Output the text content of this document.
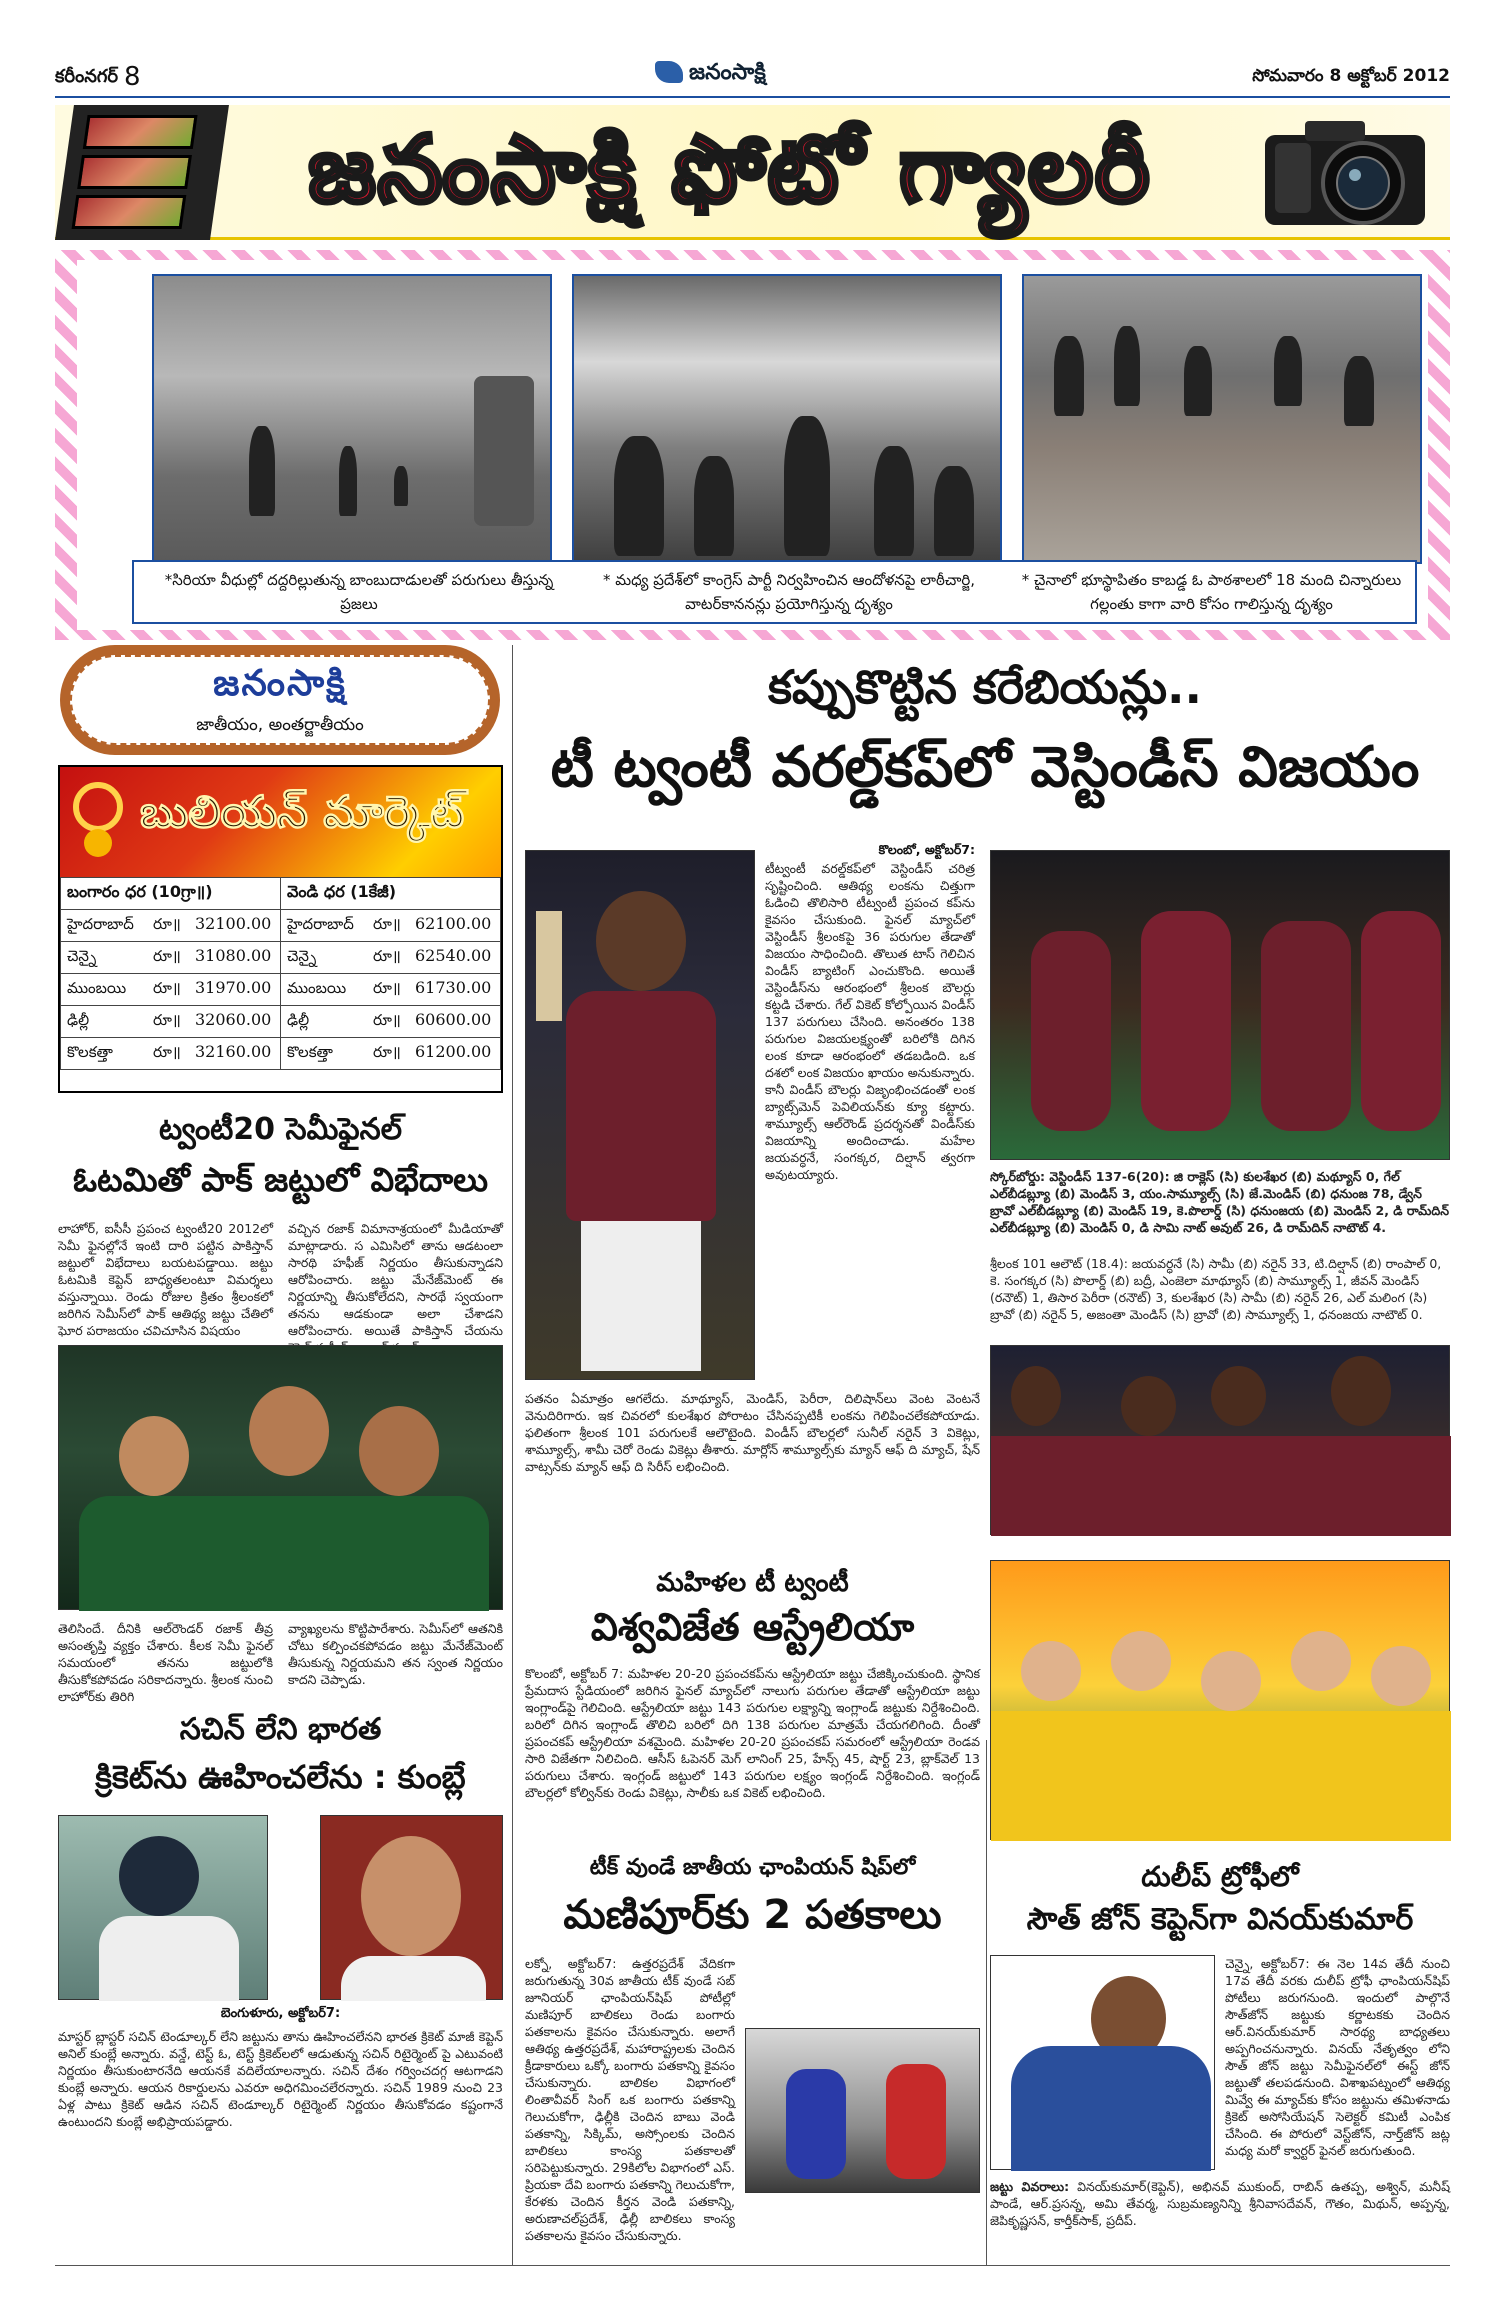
కరీంనగర్ 8	జనంసాక్షి	సోమవారం 8 అక్టోబర్ 2012
జనంసాక్షి ఫోటో గ్యాలరీ
*సిరియా వీధుల్లో దద్దరిల్లుతున్న బాంబుదాడులతో పరుగులు తీస్తున్న ప్రజలు
* మధ్య ప్రదేశ్‌లో కాంగ్రెస్ పార్టీ నిర్వహించిన ఆందోళనపై లాఠీచార్జి, వాటర్‌కాననన్లు ప్రయోగిస్తున్న దృశ్యం
* చైనాలో భూస్థాపితం కాబడ్డ ఓ పాఠశాలలో 18 మంది చిన్నారులు గల్లంతు కాగా వారి కోసం గాలిస్తున్న దృశ్యం
జనంసాక్షి
జాతీయం, అంతర్జాతీయం
బులియన్ మార్కెట్
బంగారం ధర (10గ్రా॥)	వెండి ధర (1కేజీ)
హైదరాబాద్ రూ॥ 32100.00	హైదరాబాద్ రూ॥ 62100.00
చెన్నై రూ॥ 31080.00	చెన్నై రూ॥ 62540.00
ముంబయి రూ॥ 31970.00	ముంబయి రూ॥ 61730.00
ఢిల్లీ రూ॥ 32060.00	ఢిల్లీ రూ॥ 60600.00
కొలకత్తా రూ॥ 32160.00	కొలకత్తా రూ॥ 61200.00
ట్వంటీ20 సెమీఫైనల్
ఓటమితో పాక్ జట్టులో విభేదాలు
లాహోర్, ఐసీసీ ప్రపంచ ట్వంటీ20 2012లో సెమీ ఫైనల్లోనే ఇంటి దారి పట్టిన పాకిస్తాన్ జట్టులో విభేదాలు బయటపడ్డాయి. జట్టు ఓటమికి కెప్టెన్ బాధ్యతలంటూ విమర్శలు వస్తున్నాయి. రెండు రోజుల క్రితం శ్రీలంకలో జరిగిన సెమీస్‌లో పాక్ ఆతిథ్య జట్టు చేతిలో ఘోర పరాజయం చవిచూసిన విషయం
వచ్చిన రజాక్ విమానాశ్రయంలో మీడియాతో మాట్లాడారు. స ఎమిసిలో తాను ఆడటంలా సారథి హఫీజ్ నిర్ణయం తీసుకున్నాడని ఆరోపించారు. జట్టు మేనేజ్‌మెంట్ ఈ నిర్ణయాన్ని తీసుకోలేదని, సారథే స్వయంగా తనను ఆడకుండా అలా చేశాడని ఆరోపించారు. అయితే పాకిస్తాన్ చేయను
తెలిసిందే. దీనికి ఆల్‌రౌండర్ రజాక్ తీవ్ర అసంతృప్తి వ్యక్తం చేశారు. కీలక సెమీ ఫైనల్ సమయంలో తనను జట్టులోకి తీసుకోకపోవడం సరికాదన్నారు. శ్రీలంక నుంచి లాహోర్‌కు తిరిగి
వ్యాఖ్యలను కొట్టిపారేశారు. సెమీస్‌లో ఆతనికి చోటు కల్పించకపోవడం జట్టు మేనేజ్‌మెంట్ తీసుకున్న నిర్ణయమని తన స్వంత నిర్ణయం కాదని చెప్పాడు.
సచిన్ లేని భారత
క్రికెట్‌ను ఊహించలేను : కుంబ్లే
బెంగుళూరు, అక్టోబర్7:
మాస్టర్ బ్లాస్టర్ సచిన్ టెండూల్కర్ లేని జట్టును తాను ఊహించలేనని భారత క్రికెట్ మాజీ కెప్టెన్ అనిల్ కుంబ్లే అన్నారు. వన్డే, టెస్ట్ ఓ, టెస్ట్ క్రికెట్‌లలో ఆడుతున్న సచిన్ రిటైర్మెంట్ పై ఎటువంటి నిర్ణయం తీసుకుంటారనేది ఆయనకే వదిలేయాలన్నారు. సచిన్ దేశం గర్వించదగ్గ ఆటగాడని కుంబ్లే అన్నారు. ఆయన రికార్డులను ఎవరూ అధిగమించలేరన్నారు. సచిన్ 1989 నుంచి 23 ఏళ్ల పాటు క్రికెట్ ఆడిన సచిన్ టెండూల్కర్ రిటైర్మెంట్ నిర్ణయం తీసుకోవడం కష్టంగానే ఉంటుందని కుంబ్లే అభిప్రాయపడ్డారు.
కప్పుకొట్టిన కరేబియన్లు..
టీ ట్వంటీ వరల్డ్‌కప్‌లో వెస్టిండీస్ విజయం
కొలంబో, అక్టోబర్7:
టీట్వంటీ వరల్డ్‌కప్‌లో వెస్టిండీస్ చరిత్ర సృష్టించింది. ఆతిథ్య లంకను చిత్తుగా ఓడించి తొలిసారి టీట్వంటీ ప్రపంచ కప్‌ను కైవసం చేసుకుంది. ఫైనల్ మ్యాచ్‌లో వెస్టిండీస్ శ్రీలంకపై 36 పరుగుల తేడాతో విజయం సాధించింది. తొలుత టాస్ గెలిచిన విండీస్ బ్యాటింగ్ ఎంచుకొంది. అయితే వెస్టిండీస్‌ను ఆరంభంలో శ్రీలంక బౌలర్లు కట్టడి చేశారు. గేల్ వికెట్ కోల్పోయిన విండీస్ 137 పరుగులు చేసింది. అనంతరం 138 పరుగుల విజయలక్ష్యంతో బరిలోకి దిగిన లంక కూడా ఆరంభంలో తడబడింది. ఒక దశలో లంక విజయం ఖాయం అనుకున్నారు. కానీ విండీస్ బౌలర్లు విజృంభించడంతో లంక బ్యాట్స్‌మెన్ పెవిలియన్‌కు క్యూ కట్టారు. శామ్యూల్స్ ఆల్‌రౌండ్ ప్రదర్శనతో విండీస్‌కు విజయాన్ని అందించాడు. మహేల జయవర్ధనే, సంగక్కర, దిల్షాన్ త్వరగా అవుటయ్యారు.	స్కోర్‌బోర్డు: వెస్టిండీస్ 137-6(20): జి రాక్లెస్ (సి) కులశేఖర (బి) మథ్యూస్ 0, గేల్ ఎల్‌బీడబ్ల్యూ (బి) మెండిస్ 3, యం.సామ్యూల్స్ (సి) జే.మెండిస్ (బి) ధనుంజ 78, డ్వేన్ బ్రావో ఎల్‌బీడబ్ల్యూ (బి) మెండిస్ 19, కె.పొలార్డ్ (సి) ధనుంజయ (బి) మెండిస్ 2, డి రామ్‌దిన్ ఎల్‌బీడబ్ల్యూ (బి) మెండిస్ 0, డి సామి నాట్ అవుట్ 26, డి రామ్‌దిన్ నాటౌట్ 4.
శ్రీలంక 101 ఆలౌట్ (18.4): జయవర్ధనే (సి) సామీ (బి) నరైన్ 33, టి.దిల్షాన్ (బి) రాంపాల్ 0, కె. సంగక్కర (సి) పొలార్డ్ (బి) బద్రీ, ఎంజెలా మాథ్యూస్ (బి) సామ్యూల్స్ 1, జీవన్ మెండిస్ (రనౌట్) 1, తిసార పెరీరా (రనౌట్) 3, కులశేఖర (సి) సామీ (బి) నరైన్ 26, ఎల్ మలింగ (సి) బ్రావో (బి) నరైన్ 5, అజంతా మెండిస్ (సి) బ్రావో (బి) సామ్యూల్స్ 1, ధనంజయ నాటౌట్ 0.
పతనం ఏమాత్రం ఆగలేదు. మాథ్యూస్, మెండిస్, పెరీరా, దిలిషాన్‌లు వెంట వెంటనే వెనుదిరిగారు. ఇక చివరలో కులశేఖర పోరాటం చేసినప్పటికీ లంకను గెలిపించలేకపోయాడు. ఫలితంగా శ్రీలంక 101 పరుగులకే ఆలౌటైంది. విండీస్ బౌలర్లలో సునీల్ నరైన్ 3 వికెట్లు, శామ్యూల్స్, శామీ చెరో రెండు వికెట్లు తీశారు. మార్లోన్ శామ్యూల్స్‌కు మ్యాన్ ఆఫ్ ది మ్యాచ్, షేన్ వాట్సన్‌కు మ్యాన్ ఆఫ్ ది సిరీస్ లభించింది.
మహిళల టీ ట్వంటీ
విశ్వవిజేత ఆస్ట్రేలియా
కొలంబో, అక్టోబర్ 7: మహిళల 20-20 ప్రపంచకప్‌ను ఆస్ట్రేలియా జట్టు చేజిక్కించుకుంది. స్థానిక ప్రేమదాస స్టేడియంలో జరిగిన ఫైనల్ మ్యాచ్‌లో నాలుగు పరుగుల తేడాతో ఆస్ట్రేలియా జట్టు ఇంగ్లాండ్‌పై గెలిచింది. ఆస్ట్రేలియా జట్టు 143 పరుగుల లక్ష్యాన్ని ఇంగ్లాండ్ జట్టుకు నిర్దేశించింది. బరిలో దిగిన ఇంగ్లాండ్ తొలిచి బరిలో దిగి 138 పరుగుల మాత్రమే చేయగలిగింది. దీంతో ప్రపంచకప్ ఆస్ట్రేలియా వశమైంది. మహిళల 20-20 ప్రపంచకప్ సమరంలో ఆస్ట్రేలియా రెండవ సారి విజేతగా నిలిచింది. ఆసీస్ ఓపెనర్ మెగ్ లానింగ్ 25, హేన్స్ 45, షార్ట్ 23, బ్లాక్‌వెల్ 13 పరుగులు చేశారు. ఇంగ్లండ్ జట్టులో 143 పరుగుల లక్ష్యం ఇంగ్లండ్ నిర్దేశించింది. ఇంగ్లండ్ బౌలర్లలో కోల్విన్‌కు రెండు వికెట్లు, సాలీకు ఒక వికెట్ లభించింది.
టీక్ వుండే జాతీయ ఛాంపియన్ షిప్‌లో
మణిపూర్‌కు 2 పతకాలు
లక్నో, అక్టోబర్7: ఉత్తరప్రదేశ్ వేదికగా జరుగుతున్న 30వ జాతీయ టీక్ వుండే సబ్ జూనియర్ ఛాంపియన్‌షిప్ పోటీల్లో మణిపూర్ బాలికలు రెండు బంగారు పతకాలను కైవసం చేసుకున్నారు. అలాగే ఆతిథ్య ఉత్తరప్రదేశ్, మహారాష్ట్రలకు చెందిన క్రీడాకారులు ఒక్కో బంగారు పతకాన్ని కైవసం చేసుకున్నారు. బాలికల విభాగంలో లింతావీవర్ సింగ్ ఒక బంగారు పతకాన్ని గెలుచుకోగా, ఢిల్లీకి చెందిన బాబు వెండి పతకాన్ని, సిక్కిమ్, అస్సోంలకు చెందిన బాలికలు కాంస్య పతకాలతో సరిపెట్టుకున్నారు. 29కిలోల విభాగంలో ఎస్. ప్రియకా దేవి బంగారు పతకాన్ని గెలుచుకోగా, కేరళకు చెందిన కీర్తన వెండి పతకాన్ని, అరుణాచల్‌ప్రదేశ్, ఢిల్లీ బాలికలు కాంస్య పతకాలను కైవసం చేసుకున్నారు.
దులీప్ ట్రోఫీలో
సౌత్ జోన్ కెప్టెన్‌గా వినయ్‌కుమార్
చెన్నై, అక్టోబర్7: ఈ నెల 14వ తేదీ నుంచి 17వ తేదీ వరకు దులీప్ ట్రోఫీ ఛాంపియన్‌షిప్ పోటీలు జరుగనుంది. ఇందులో పాల్గొనే సౌత్‌జోన్ జట్టుకు కర్ణాటకకు చెందిన ఆర్.వినయ్‌కుమార్ సారథ్య బాధ్యతలు అప్పగించనున్నారు. వినయ్ నేతృత్వం లోని సౌత్ జోన్ జట్టు సెమీఫైనల్‌లో ఈస్ట్ జోన్ జట్టుతో తలపడనుంది. విశాఖపట్నంలో ఆతిథ్య మివ్వే ఈ మ్యాచ్‌కు కోసం జట్టును తమిళనాడు క్రికెట్ అసోసియేషన్ సెలెక్టర్ కమిటీ ఎంపిక చేసింది. ఈ పోరులో వెస్ట్‌జోన్, నార్త్‌జోన్ జట్ల మధ్య మరో క్వార్టర్ ఫైనల్ జరుగుతుంది.
జట్టు వివరాలు: వినయ్‌కుమార్(కెప్టెన్), అభినవ్ ముకుంద్, రాబిన్ ఉతప్ప, అశ్విన్, మనీష్ పాండే, ఆర్.ప్రసన్న, అమి తేవర్మ, సుబ్రమణ్యనిన్ని శ్రీనివాసదేవన్, గౌతం, మిథున్, అప్పన్న, జెపికృష్ణసన్, కార్తీక్‌సాక్, ప్రదీప్.
